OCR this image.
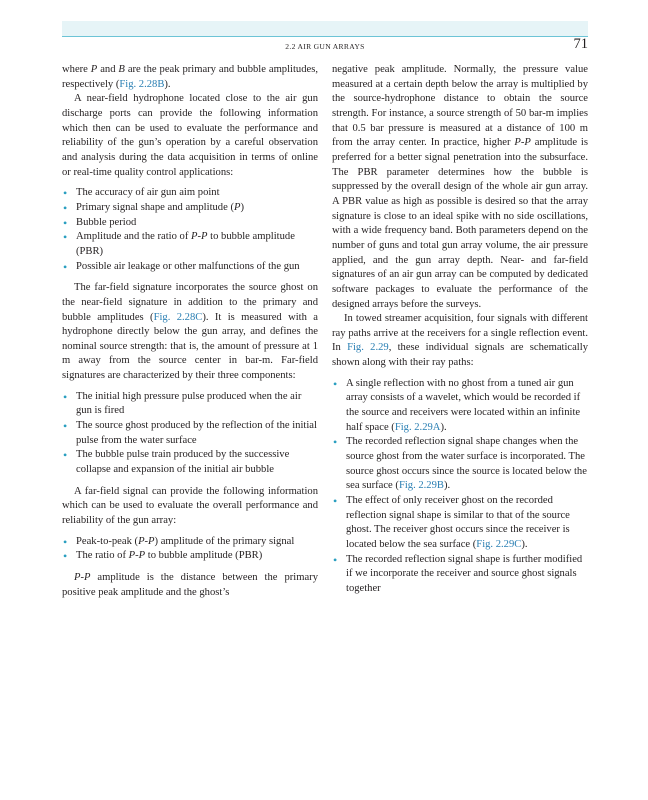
2.2 AIR GUN ARRAYS	71

where P and B are the peak primary and bubble amplitudes, respectively (Fig. 2.28B).

A near-field hydrophone located close to the air gun discharge ports can provide the following information which then can be used to evaluate the performance and reliability of the gun’s operation by a careful observation and analysis during the data acquisition in terms of online or real-time quality control applications:

• The accuracy of air gun aim point
• Primary signal shape and amplitude (P)
• Bubble period
• Amplitude and the ratio of P-P to bubble amplitude (PBR)
• Possible air leakage or other malfunctions of the gun

The far-field signature incorporates the source ghost on the near-field signature in addition to the primary and bubble amplitudes (Fig. 2.28C). It is measured with a hydrophone directly below the gun array, and defines the nominal source strength: that is, the amount of pressure at 1 m away from the source center in bar-m. Far-field signatures are characterized by their three components:

• The initial high pressure pulse produced when the air gun is fired
• The source ghost produced by the reflection of the initial pulse from the water surface
• The bubble pulse train produced by the successive collapse and expansion of the initial air bubble

A far-field signal can provide the following information which can be used to evaluate the overall performance and reliability of the gun array:

• Peak-to-peak (P-P) amplitude of the primary signal
• The ratio of P-P to bubble amplitude (PBR)

P-P amplitude is the distance between the primary positive peak amplitude and the ghost’s

negative peak amplitude. Normally, the pressure value measured at a certain depth below the array is multiplied by the source-hydrophone distance to obtain the source strength. For instance, a source strength of 50 bar-m implies that 0.5 bar pressure is measured at a distance of 100 m from the array center. In practice, higher P-P amplitude is preferred for a better signal penetration into the subsurface. The PBR parameter determines how the bubble is suppressed by the overall design of the whole air gun array. A PBR value as high as possible is desired so that the array signature is close to an ideal spike with no side oscillations, with a wide frequency band. Both parameters depend on the number of guns and total gun array volume, the air pressure applied, and the gun array depth. Near- and far-field signatures of an air gun array can be computed by dedicated software packages to evaluate the performance of the designed arrays before the surveys.

In towed streamer acquisition, four signals with different ray paths arrive at the receivers for a single reflection event. In Fig. 2.29, these individual signals are schematically shown along with their ray paths:

• A single reflection with no ghost from a tuned air gun array consists of a wavelet, which would be recorded if the source and receivers were located within an infinite half space (Fig. 2.29A).
• The recorded reflection signal shape changes when the source ghost from the water surface is incorporated. The source ghost occurs since the source is located below the sea surface (Fig. 2.29B).
• The effect of only receiver ghost on the recorded reflection signal shape is similar to that of the source ghost. The receiver ghost occurs since the receiver is located below the sea surface (Fig. 2.29C).
• The recorded reflection signal shape is further modified if we incorporate the receiver and source ghost signals together
